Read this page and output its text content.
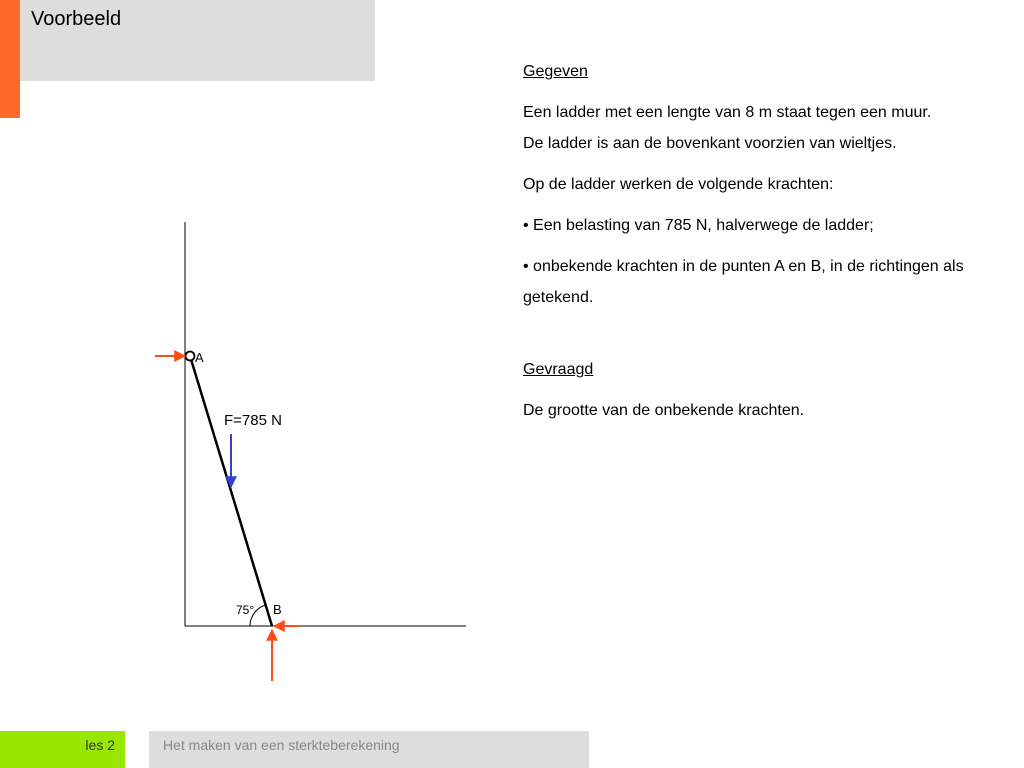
Voorbeeld

Gegeven

Een ladder met een lengte van 8 m staat tegen een muur.

De ladder is aan de bovenkant voorzien van wieltjes.

Op de ladder werken de volgende krachten:

• Een belasting van 785 N, halverwege de ladder;

• onbekende krachten in de punten A en B, in de richtingen als getekend.

Gevraagd

De grootte van de onbekende krachten.

A
B
75°
F=785 N
les 2	Het maken van een sterkteberekening
